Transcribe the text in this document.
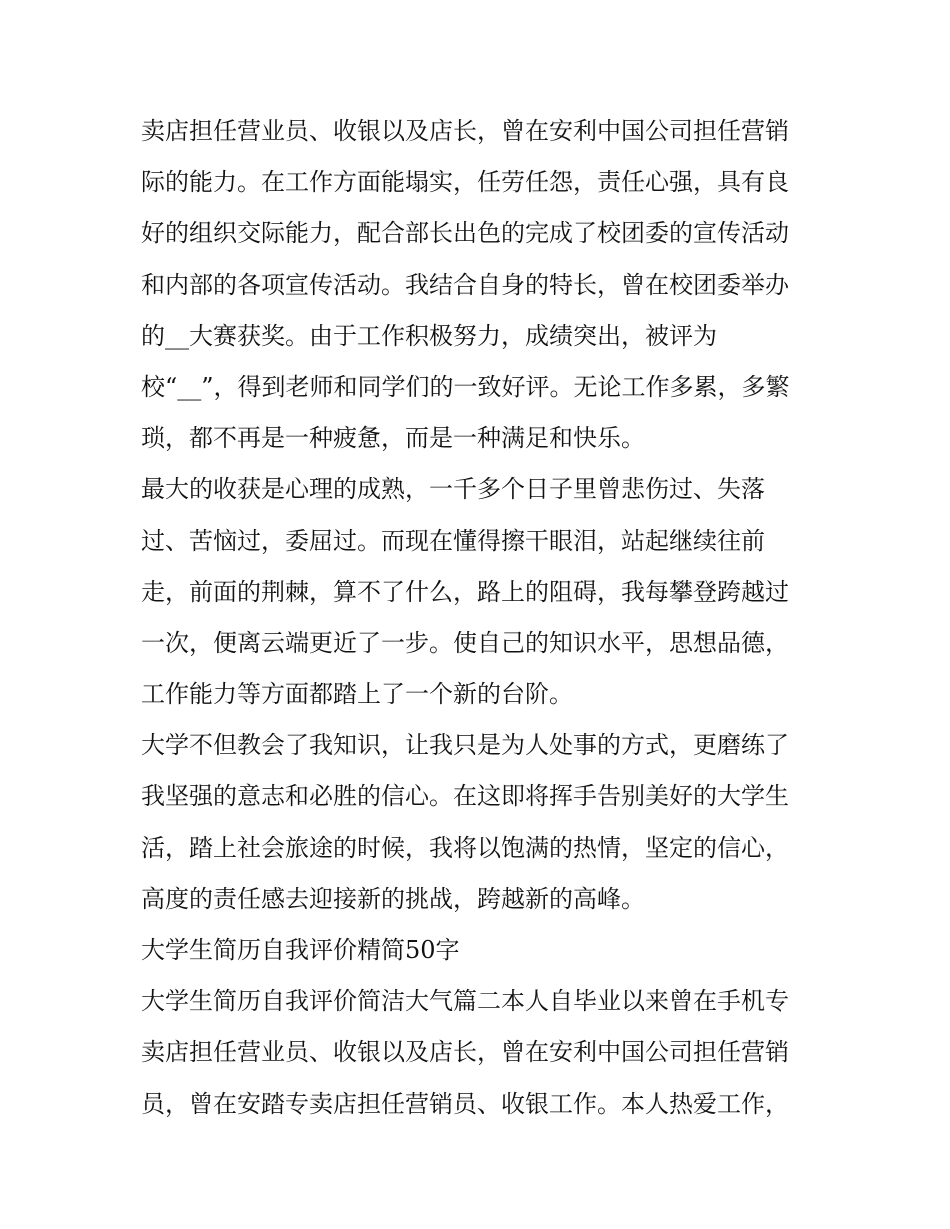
卖店担任营业员、收银以及店长，曾在安利中国公司担任营销
际的能力。在工作方面能塌实，任劳任怨，责任心强，具有良
好的组织交际能力，配合部长出色的完成了校团委的宣传活动
和内部的各项宣传活动。我结合自身的特长，曾在校团委举办
的__大赛获奖。由于工作积极努力，成绩突出，被评为
校“__”，得到老师和同学们的一致好评。无论工作多累，多繁
琐，都不再是一种疲惫，而是一种满足和快乐。
最大的收获是心理的成熟，一千多个日子里曾悲伤过、失落
过、苦恼过，委屈过。而现在懂得擦干眼泪，站起继续往前
走，前面的荆棘，算不了什么，路上的阻碍，我每攀登跨越过
一次，便离云端更近了一步。使自己的知识水平，思想品德，
工作能力等方面都踏上了一个新的台阶。
大学不但教会了我知识，让我只是为人处事的方式，更磨练了
我坚强的意志和必胜的信心。在这即将挥手告别美好的大学生
活，踏上社会旅途的时候，我将以饱满的热情，坚定的信心，
高度的责任感去迎接新的挑战，跨越新的高峰。
大学生简历自我评价精简50字
大学生简历自我评价简洁大气篇二本人自毕业以来曾在手机专
卖店担任营业员、收银以及店长，曾在安利中国公司担任营销
员，曾在安踏专卖店担任营销员、收银工作。本人热爱工作，
